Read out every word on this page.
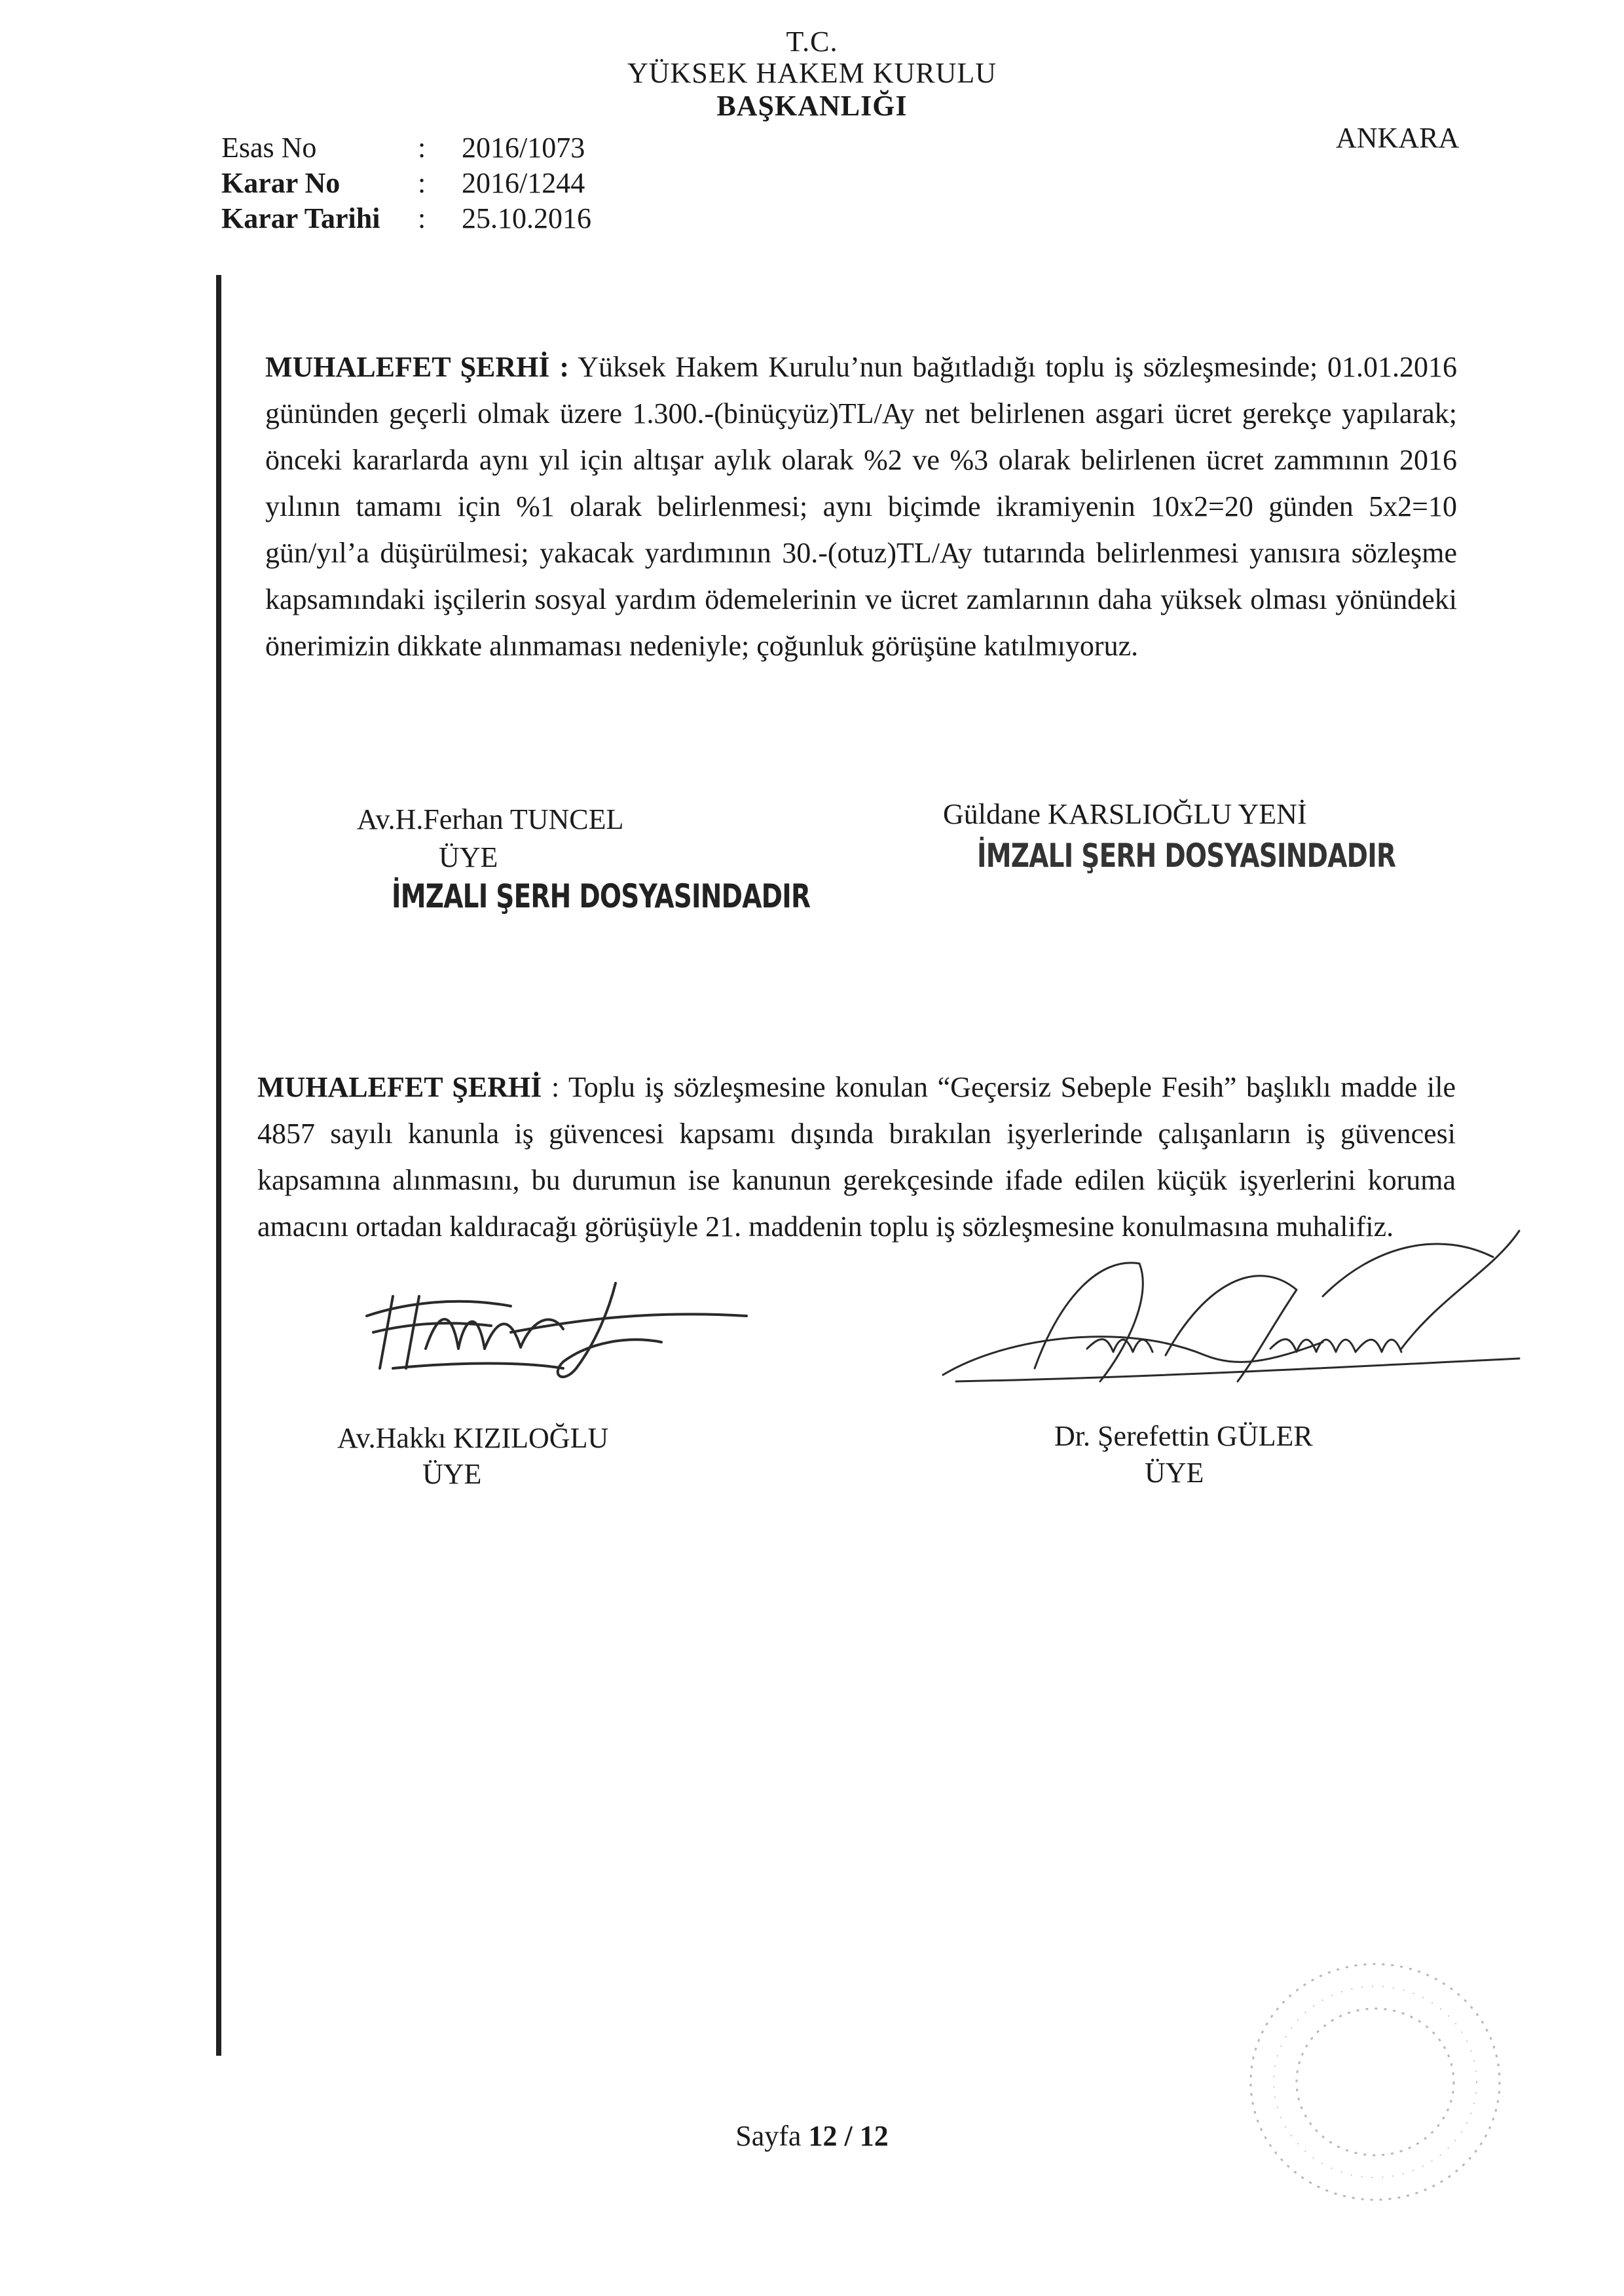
T.C.
YÜKSEK HAKEM KURULU
BAŞKANLIĞI
ANKARA
Esas No	: 2016/1073
Karar No	: 2016/1244
Karar Tarihi : 25.10.2016
MUHALEFET ŞERHİ : Yüksek Hakem Kurulu’nun bağıtladığı toplu iş sözleşmesinde; 01.01.2016 gününden geçerli olmak üzere 1.300.-(binüçyüz)TL/Ay net belirlenen asgari ücret gerekçe yapılarak; önceki kararlarda aynı yıl için altışar aylık olarak %2 ve %3 olarak belirlenen ücret zammının 2016 yılının tamamı için %1 olarak belirlenmesi; aynı biçimde ikramiyenin 10x2=20 günden 5x2=10 gün/yıl’a düşürülmesi; yakacak yardımının 30.-(otuz)TL/Ay tutarında belirlenmesi yanısıra sözleşme kapsamındaki işçilerin sosyal yardım ödemelerinin ve ücret zamlarının daha yüksek olması yönündeki önerimizin dikkate alınmaması nedeniyle; çoğunluk görüşüne katılmıyoruz.
Av.H.Ferhan TUNCEL
ÜYE
İMZALI ŞERH DOSYASINDADIR
Güldane KARSLIOĞLU YENİ
İMZALI ŞERH DOSYASINDADIR
MUHALEFET ŞERHİ : Toplu iş sözleşmesine konulan “Geçersiz Sebeple Fesih” başlıklı madde ile 4857 sayılı kanunla iş güvencesi kapsamı dışında bırakılan işyerlerinde çalışanların iş güvencesi kapsamına alınmasını, bu durumun ise kanunun gerekçesinde ifade edilen küçük işyerlerini koruma amacını ortadan kaldıracağı görüşüyle 21. maddenin toplu iş sözleşmesine konulmasına muhalifiz.
Av.Hakkı KIZILOĞLU
ÜYE
Dr. Şerefettin GÜLER
ÜYE
Sayfa 12 / 12
